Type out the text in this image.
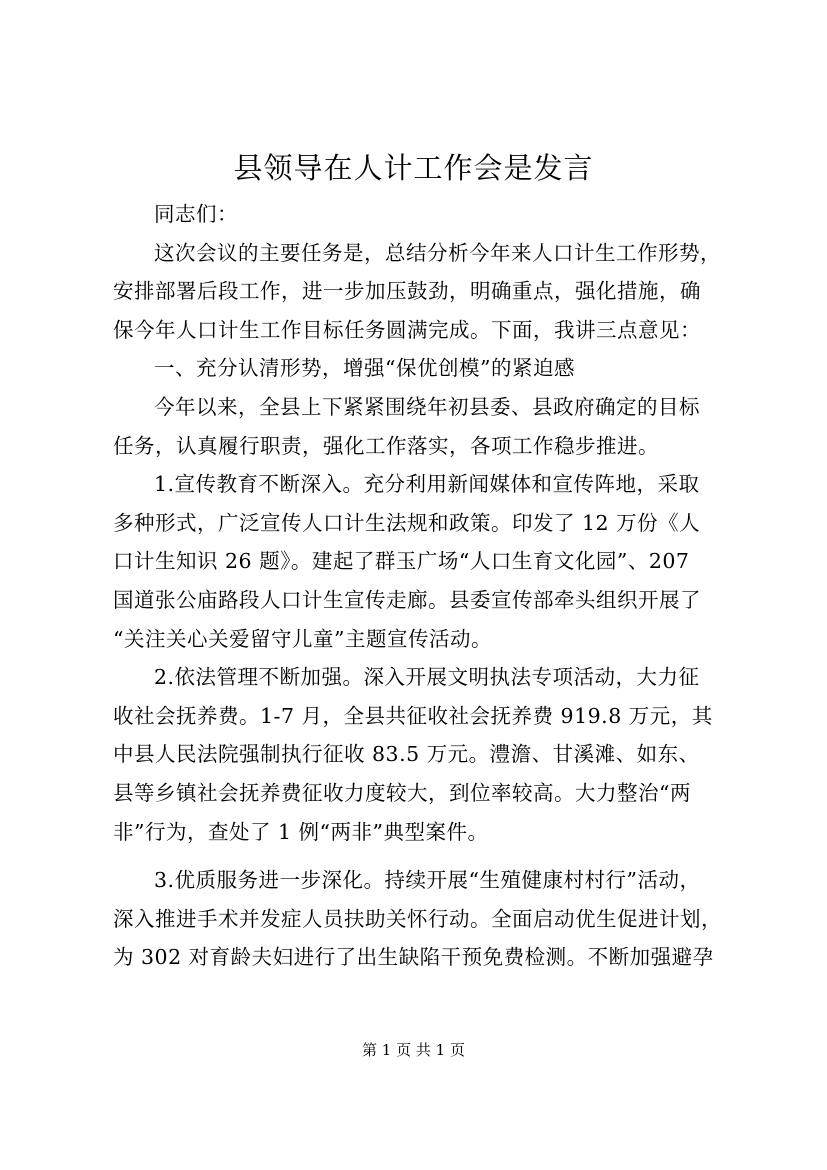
县领导在人计工作会是发言
同志们：
这次会议的主要任务是，总结分析今年来人口计生工作形势，
安排部署后段工作，进一步加压鼓劲，明确重点，强化措施，确
保今年人口计生工作目标任务圆满完成。下面，我讲三点意见：
一、充分认清形势，增强“保优创模”的紧迫感
今年以来，全县上下紧紧围绕年初县委、县政府确定的目标
任务，认真履行职责，强化工作落实，各项工作稳步推进。
1.宣传教育不断深入。充分利用新闻媒体和宣传阵地，采取
多种形式，广泛宣传人口计生法规和政策。印发了 12 万份《人
口计生知识 26 题》。建起了群玉广场“人口生育文化园”、207
国道张公庙路段人口计生宣传走廊。县委宣传部牵头组织开展了
“关注关心关爱留守儿童”主题宣传活动。
2.依法管理不断加强。深入开展文明执法专项活动，大力征
收社会抚养费。1-7 月，全县共征收社会抚养费 919.8 万元，其
中县人民法院强制执行征收 83.5 万元。澧澹、甘溪滩、如东、
县等乡镇社会抚养费征收力度较大，到位率较高。大力整治“两
非”行为，查处了 1 例“两非”典型案件。
3.优质服务进一步深化。持续开展“生殖健康村村行”活动，
深入推进手术并发症人员扶助关怀行动。全面启动优生促进计划，
为 302 对育龄夫妇进行了出生缺陷干预免费检测。不断加强避孕
第 1 页 共 1 页
